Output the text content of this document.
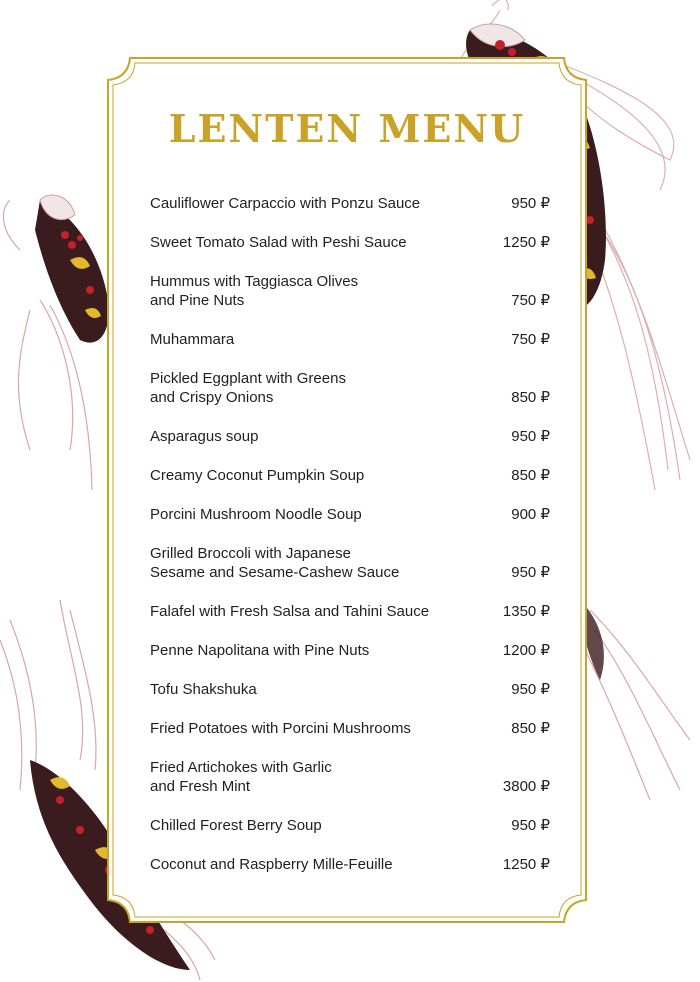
LENTEN MENU
Cauliflower Carpaccio with Ponzu Sauce	950 ₽
Sweet Tomato Salad with Peshi Sauce	1250 ₽
Hummus with Taggiasca Olives
and Pine Nuts	750 ₽
Muhammara	750 ₽
Pickled Eggplant with Greens
and Crispy Onions	850 ₽
Asparagus soup	950 ₽
Creamy Coconut Pumpkin Soup	850 ₽
Porcini Mushroom Noodle Soup	900 ₽
Grilled Broccoli with Japanese
Sesame and Sesame-Cashew Sauce	950 ₽
Falafel with Fresh Salsa and Tahini Sauce	1350 ₽
Penne Napolitana with Pine Nuts	1200 ₽
Tofu Shakshuka	950 ₽
Fried Potatoes with Porcini Mushrooms	850 ₽
Fried Artichokes with Garlic
and Fresh Mint	3800 ₽
Chilled Forest Berry Soup	950 ₽
Coconut and Raspberry Mille-Feuille	1250 ₽
